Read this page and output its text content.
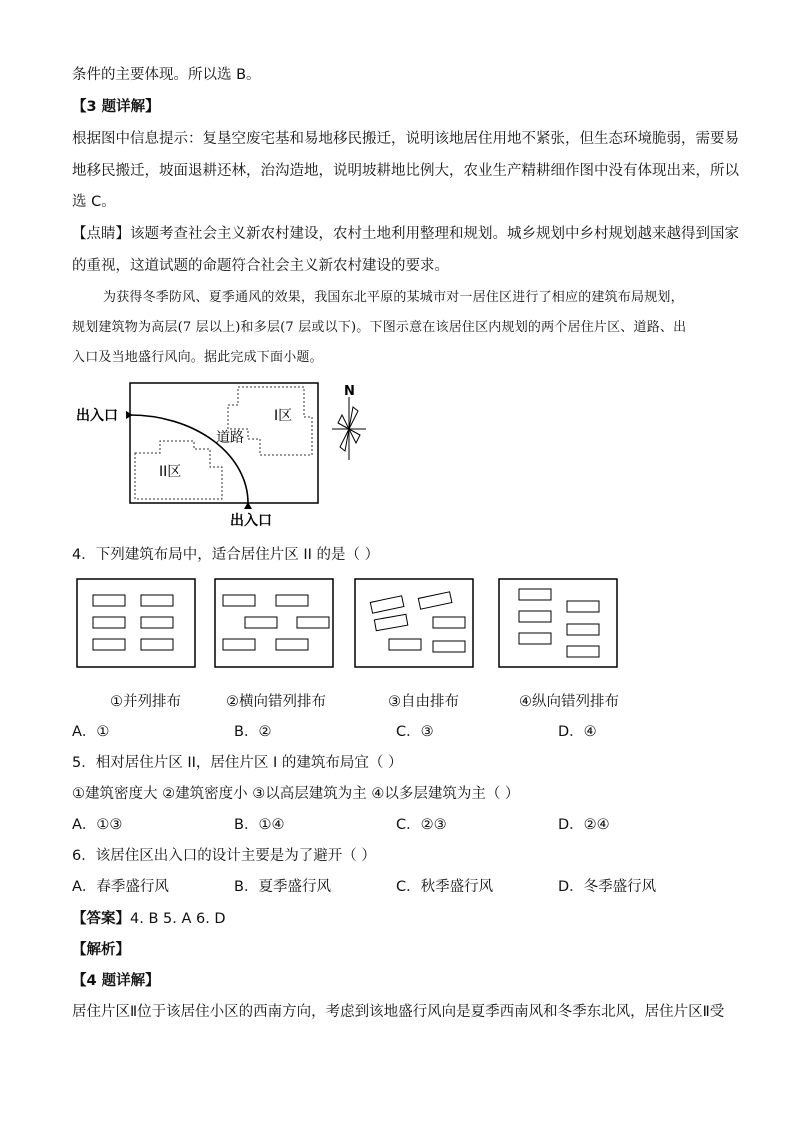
条件的主要体现。所以选 B。
【3 题详解】
根据图中信息提示：复垦空废宅基和易地移民搬迁，说明该地居住用地不紧张，但生态环境脆弱，需要易
地移民搬迁，坡面退耕还林，治沟造地，说明坡耕地比例大，农业生产精耕细作图中没有体现出来，所以
选 C。
【点睛】该题考查社会主义新农村建设，农村土地利用整理和规划。城乡规划中乡村规划越来越得到国家
的重视，这道试题的命题符合社会主义新农村建设的要求。
为获得冬季防风、夏季通风的效果，我国东北平原的某城市对一居住区进行了相应的建筑布局规划，
规划建筑物为高层(7 层以上)和多层(7 层或以下)。下图示意在该居住区内规划的两个居住片区、道路、出
入口及当地盛行风向。据此完成下面小题。
出入口
出入口
I区
II区
道路
N
4．下列建筑布局中，适合居住片区 II 的是（ ）
①并列排布	②横向错列排布	③自由排布	④纵向错列排布
A．①	B．②	C．③	D．④
5．相对居住片区 II，居住片区 I 的建筑布局宜（ ）
①建筑密度大 ②建筑密度小 ③以高层建筑为主 ④以多层建筑为主（ ）
A．①③	B．①④	C．②③	D．②④
6．该居住区出入口的设计主要是为了避开（ ）
A．春季盛行风	B．夏季盛行风	C．秋季盛行风	D．冬季盛行风
【答案】4. B 5. A 6. D
【解析】
【4 题详解】
居住片区Ⅱ位于该居住小区的西南方向，考虑到该地盛行风向是夏季西南风和冬季东北风，居住片区Ⅱ受
